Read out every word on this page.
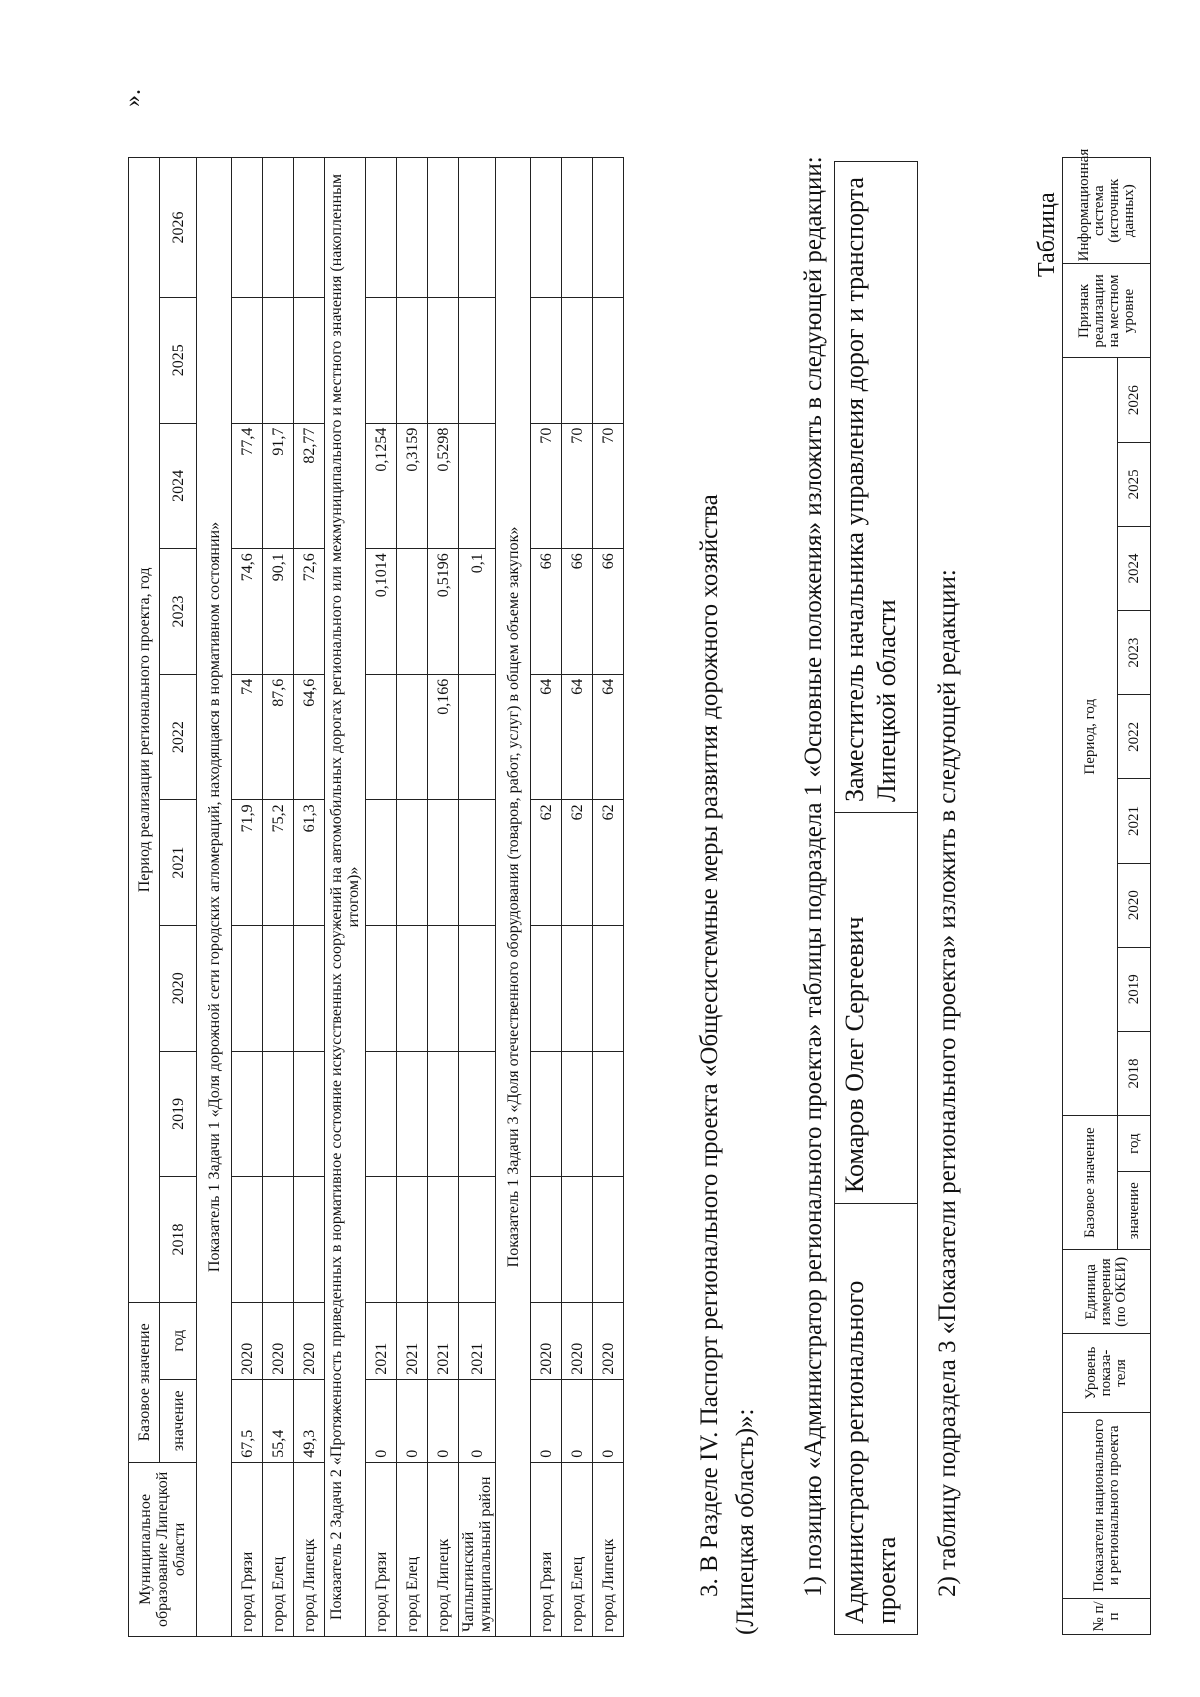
Муниципальное образование Липецкой области	Базовое значение		Период реализации регионального проекта, год								
	значение	год	2018	2019	2020	2021	2022	2023	2024	2025	2026
Показатель 1 Задачи 1 «Доля дорожной сети городских агломераций, находящаяся в нормативном состоянии»											
город Грязи	67,5	2020				71,9	74	74,6	77,4		
город Елец	55,4	2020				75,2	87,6	90,1	91,7		
город Липецк	49,3	2020				61,3	64,6	72,6	82,77		
Показатель 2 Задачи 2 «Протяженность приведенных в нормативное состояние искусственных сооружений на автомобильных дорогах регионального или межмуниципального и местного значения (накопленным итогом)»											
город Грязи	0	2021						0,1014	0,1254		
город Елец	0	2021							0,3159		
город Липецк	0	2021					0,166	0,5196	0,5298		
Чаплыгинский муниципальный район	0	2021						0,1			
Показатель 1 Задачи 3 «Доля отечественного оборудования (товаров, работ, услуг) в общем объеме закупок»											
город Грязи	0	2020				62	64	66	70		
город Елец	0	2020				62	64	66	70		
город Липецк	0	2020				62	64	66	70		
».
3. В Разделе IV. Паспорт регионального проекта «Общесистемные меры развития дорожного хозяйства (Липецкая область)»: 1) позицию «Администратор регионального проекта» таблицы подраздела 1 «Основные положения» изложить в следующей редакции: Администратор регионального проекта	Комаров Олег Сергеевич	Заместитель начальника управления дорог и транспорта Липецкой области 2) таблицу подраздела 3 «Показатели регионального проекта» изложить в следующей редакции:
Таблица
№ п/п	Показатели национального и регионального проекта	Уровень показа-теля	Единица измерения (по ОКЕИ)	Базовое значение		Период, год									Признак реализации на местном уровне	Информационная система (источник данных)
				значение	год	2018	2019	2020	2021	2022	2023	2024	2025	2026		
